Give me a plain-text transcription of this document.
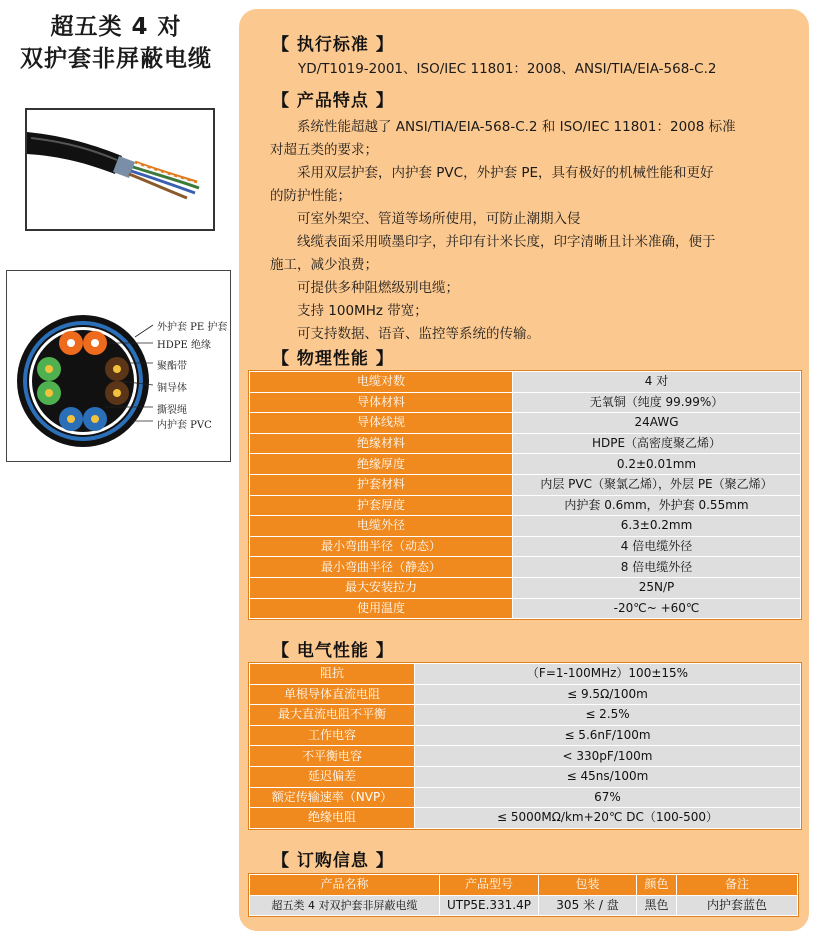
超五类 4 对
双护套非屏蔽电缆
外护套 PE 护套
HDPE 绝缘
聚酯带
铜导体
撕裂绳
内护套 PVC
【 执行标准 】
YD/T1019-2001、ISO/IEC 11801：2008、ANSI/TIA/EIA-568-C.2
【 产品特点 】
　　系统性能超越了 ANSI/TIA/EIA-568-C.2 和 ISO/IEC 11801：2008 标准
对超五类的要求；
　　采用双层护套，内护套 PVC，外护套 PE，具有极好的机械性能和更好
的防护性能；
　　可室外架空、管道等场所使用，可防止潮期入侵
　　线缆表面采用喷墨印字，并印有计米长度，印字清晰且计米准确，便于
施工，减少浪费；
　　可提供多种阻燃级别电缆；
　　支持 100MHz 带宽；
　　可支持数据、语音、监控等系统的传输。
【 物理性能 】
电缆对数	4 对
导体材料	无氧铜（纯度 99.99%）
导体线规	24AWG
绝缘材料	HDPE（高密度聚乙烯）
绝缘厚度	0.2±0.01mm
护套材料	内层 PVC（聚氯乙烯），外层 PE（聚乙烯）
护套厚度	内护套 0.6mm，外护套 0.55mm
电缆外径	6.3±0.2mm
最小弯曲半径（动态）	4 倍电缆外径
最小弯曲半径（静态）	8 倍电缆外径
最大安装拉力	25N/P
使用温度	-20℃~ +60℃
【 电气性能 】
阻抗	（F=1-100MHz）100±15%
单根导体直流电阻	≤ 9.5Ω/100m
最大直流电阻不平衡	≤ 2.5%
工作电容	≤ 5.6nF/100m
不平衡电容	< 330pF/100m
延迟偏差	≤ 45ns/100m
额定传输速率（NVP）	67%
绝缘电阻	≤ 5000MΩ/km+20℃ DC（100-500）
【 订购信息 】
产品名称	产品型号	包装	颜色	备注
超五类 4 对双护套非屏蔽电缆	UTP5E.331.4P	305 米 / 盘	黑色	内护套蓝色
